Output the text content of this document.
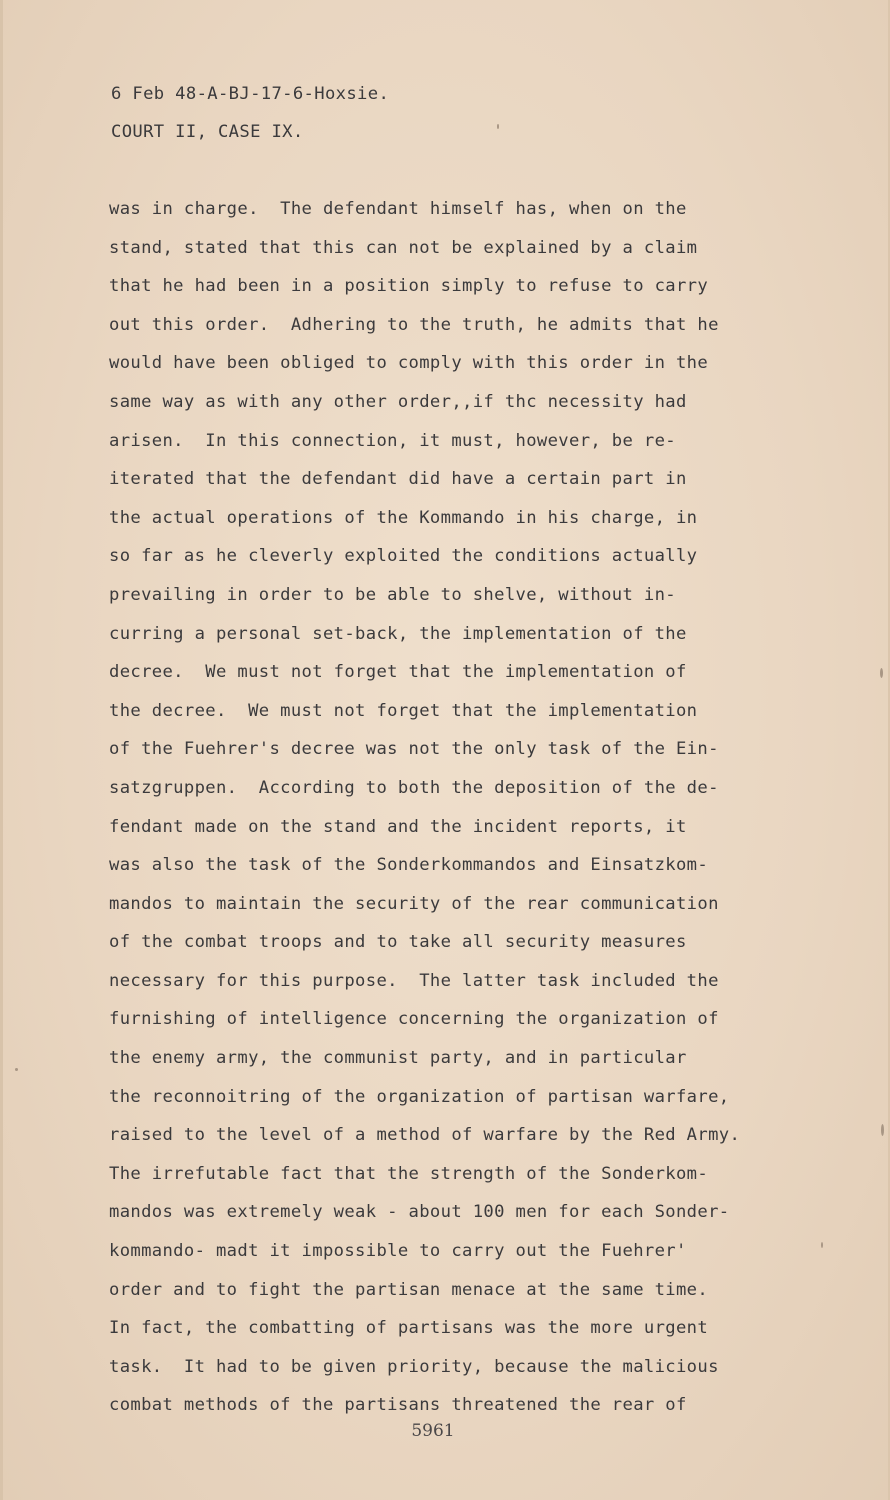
6 Feb 48-A-BJ-17-6-Hoxsie.

COURT II, CASE IX.

was in charge.  The defendant himself has, when on the
stand, stated that this can not be explained by a claim
that he had been in a position simply to refuse to carry
out this order.  Adhering to the truth, he admits that he
would have been obliged to comply with this order in the
same way as with any other order,,if thc necessity had
arisen.  In this connection, it must, however, be re-
iterated that the defendant did have a certain part in
the actual operations of the Kommando in his charge, in
so far as he cleverly exploited the conditions actually
prevailing in order to be able to shelve, without in-
curring a personal set-back, the implementation of the
decree.  We must not forget that the implementation of
the decree.  We must not forget that the implementation
of the Fuehrer's decree was not the only task of the Ein-
satzgruppen.  According to both the deposition of the de-
fendant made on the stand and the incident reports, it
was also the task of the Sonderkommandos and Einsatzkom-
mandos to maintain the security of the rear communication
of the combat troops and to take all security measures
necessary for this purpose.  The latter task included the
furnishing of intelligence concerning the organization of
the enemy army, the communist party, and in particular
the reconnoitring of the organization of partisan warfare,
raised to the level of a method of warfare by the Red Army.
The irrefutable fact that the strength of the Sonderkom-
mandos was extremely weak - about 100 men for each Sonder-
kommando- madt it impossible to carry out the Fuehrer'
order and to fight the partisan menace at the same time.
In fact, the combatting of partisans was the more urgent
task.  It had to be given priority, because the malicious
combat methods of the partisans threatened the rear of
5961
